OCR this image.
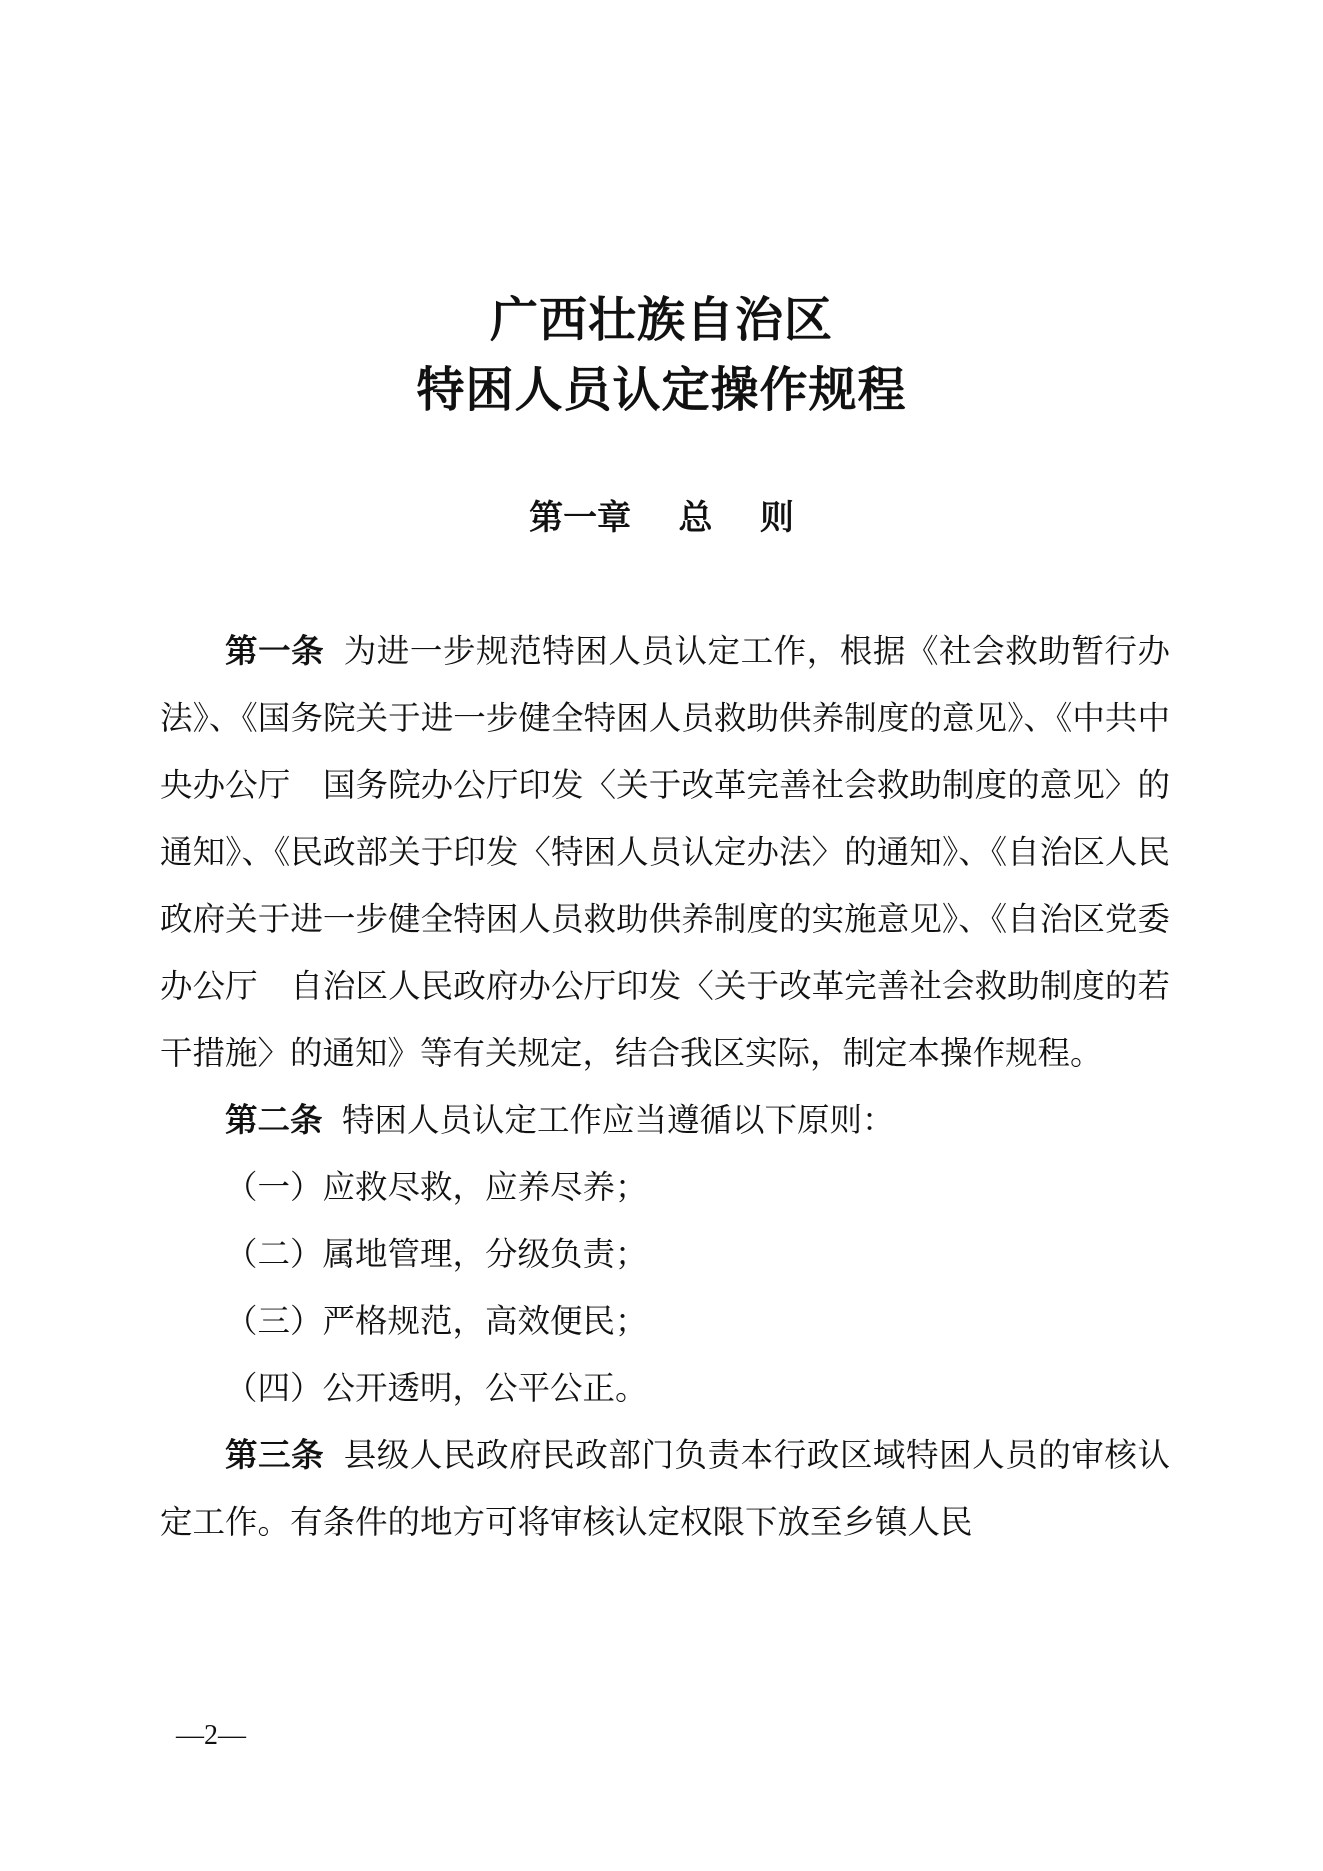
广西壮族自治区
特困人员认定操作规程
第一章    总    则

第一条 为进一步规范特困人员认定工作，根据《社会救助暂行办法》、《国务院关于进一步健全特困人员救助供养制度的意见》、《中共中央办公厅　国务院办公厅印发〈关于改革完善社会救助制度的意见〉的通知》、《民政部关于印发〈特困人员认定办法〉的通知》、《自治区人民政府关于进一步健全特困人员救助供养制度的实施意见》、《自治区党委办公厅　自治区人民政府办公厅印发〈关于改革完善社会救助制度的若干措施〉的通知》等有关规定，结合我区实际，制定本操作规程。

第二条 特困人员认定工作应当遵循以下原则：

（一）应救尽救，应养尽养；

（二）属地管理，分级负责；

（三）严格规范，高效便民；

（四）公开透明，公平公正。

第三条 县级人民政府民政部门负责本行政区域特困人员的审核认定工作。有条件的地方可将审核认定权限下放至乡镇人民

—2—
